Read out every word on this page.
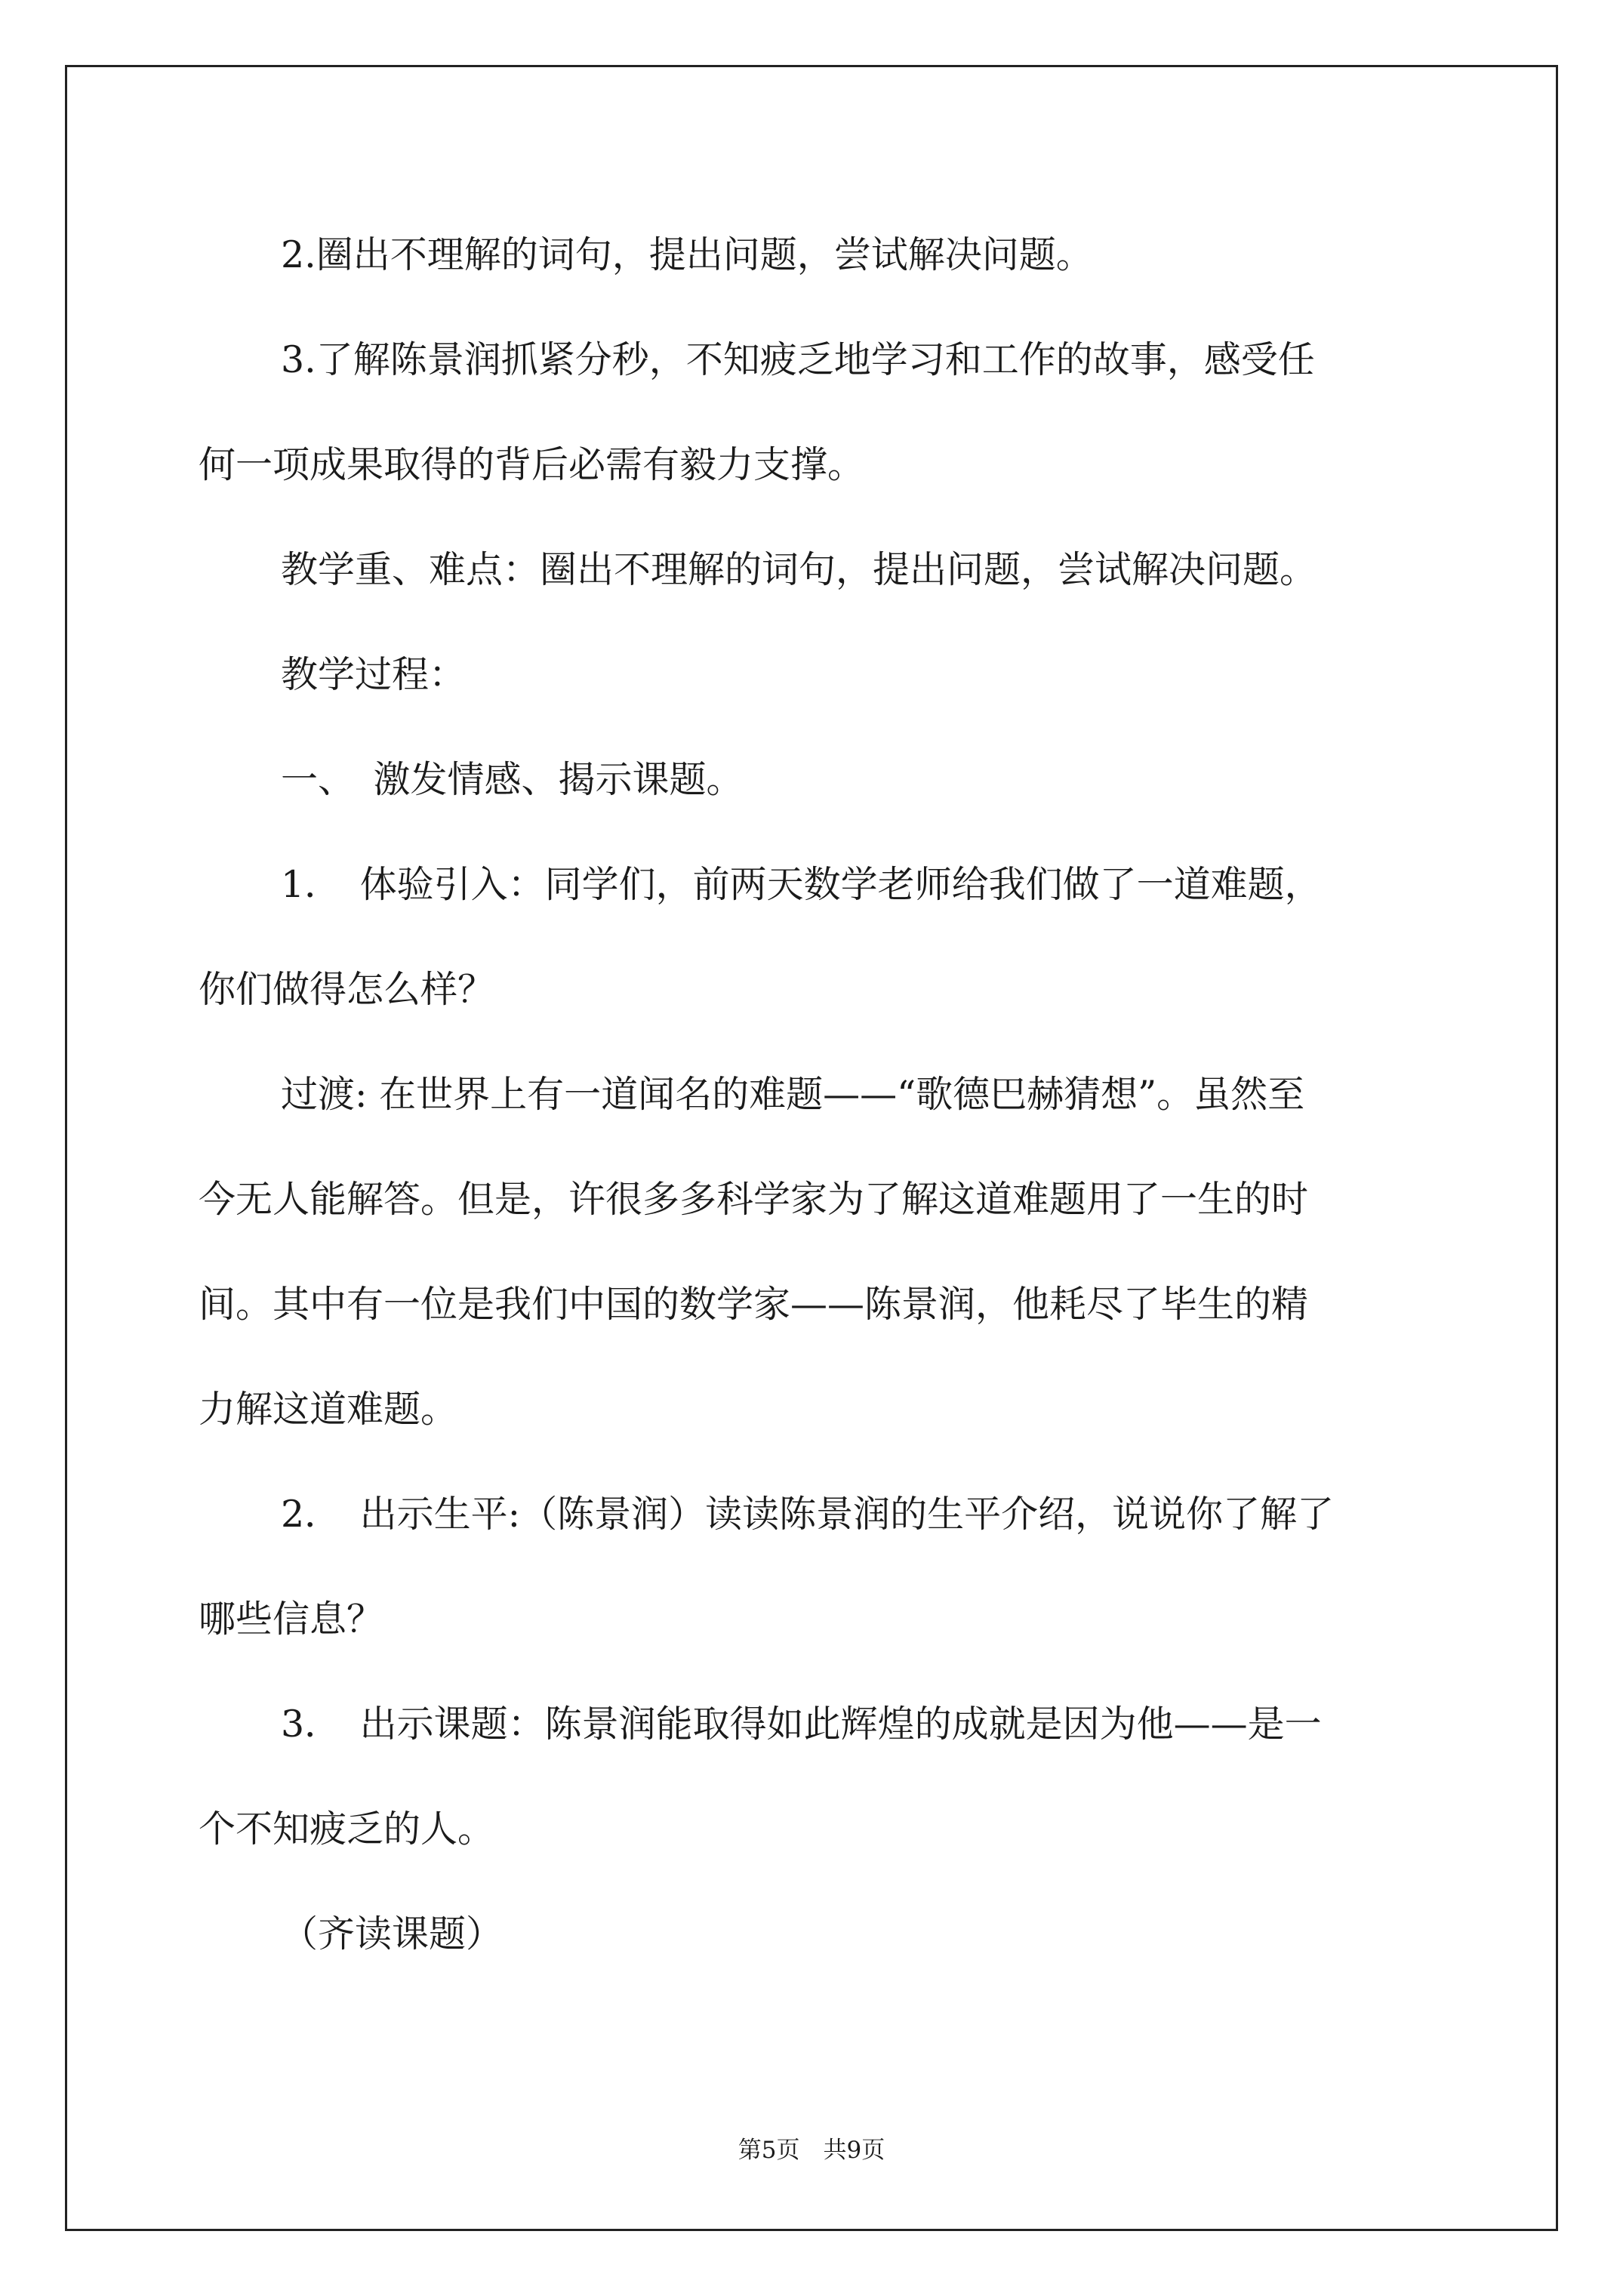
2.圈出不理解的词句，提出问题，尝试解决问题。

3.了解陈景润抓紧分秒，不知疲乏地学习和工作的故事，感受任

何一项成果取得的背后必需有毅力支撑。

教学重、难点：圈出不理解的词句，提出问题，尝试解决问题。

教学过程：

一、　激发情感、揭示课题。

1．　体验引入：同学们，前两天数学老师给我们做了一道难题，

你们做得怎么样？

过渡: 在世界上有一道闻名的难题——“歌德巴赫猜想”。虽然至

今无人能解答。但是，许很多多科学家为了解这道难题用了一生的时

间。其中有一位是我们中国的数学家——陈景润，他耗尽了毕生的精

力解这道难题。

2．　出示生平:（陈景润）读读陈景润的生平介绍，说说你了解了

哪些信息？

3．　出示课题：陈景润能取得如此辉煌的成就是因为他——是一

个不知疲乏的人。

（齐读课题）

第5页　共9页
